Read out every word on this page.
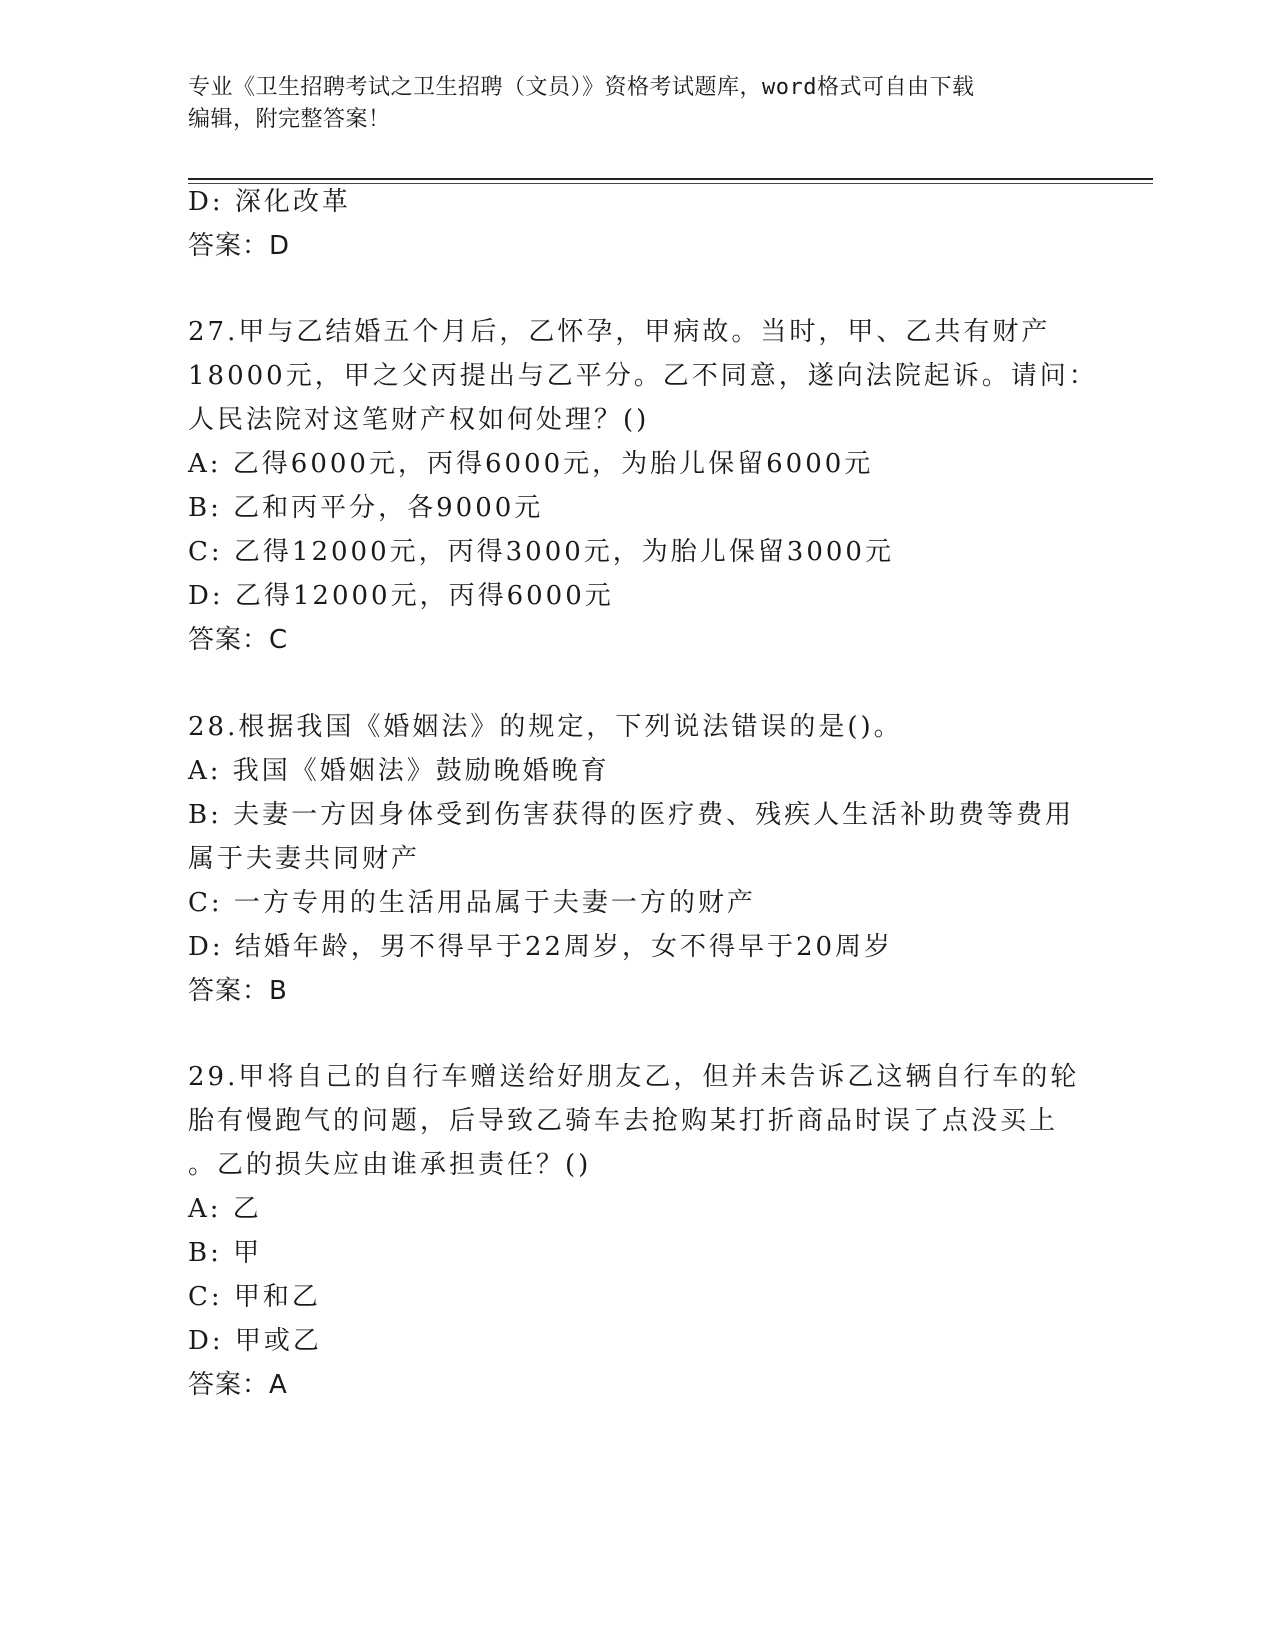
专业《卫生招聘考试之卫生招聘（文员）》资格考试题库，word格式可自由下载
编辑，附完整答案！
D: 深化改革
答案：D
27.甲与乙结婚五个月后，乙怀孕，甲病故。当时，甲、乙共有财产
18000元，甲之父丙提出与乙平分。乙不同意，遂向法院起诉。请问：
人民法院对这笔财产权如何处理？()
A: 乙得6000元，丙得6000元，为胎儿保留6000元
B: 乙和丙平分，各9000元
C: 乙得12000元，丙得3000元，为胎儿保留3000元
D: 乙得12000元，丙得6000元
答案：C
28.根据我国《婚姻法》的规定，下列说法错误的是()。
A: 我国《婚姻法》鼓励晚婚晚育
B: 夫妻一方因身体受到伤害获得的医疗费、残疾人生活补助费等费用
属于夫妻共同财产
C: 一方专用的生活用品属于夫妻一方的财产
D: 结婚年龄，男不得早于22周岁，女不得早于20周岁
答案：B
29.甲将自己的自行车赠送给好朋友乙，但并未告诉乙这辆自行车的轮
胎有慢跑气的问题，后导致乙骑车去抢购某打折商品时误了点没买上
。乙的损失应由谁承担责任？()
A: 乙
B: 甲
C: 甲和乙
D: 甲或乙
答案：A
